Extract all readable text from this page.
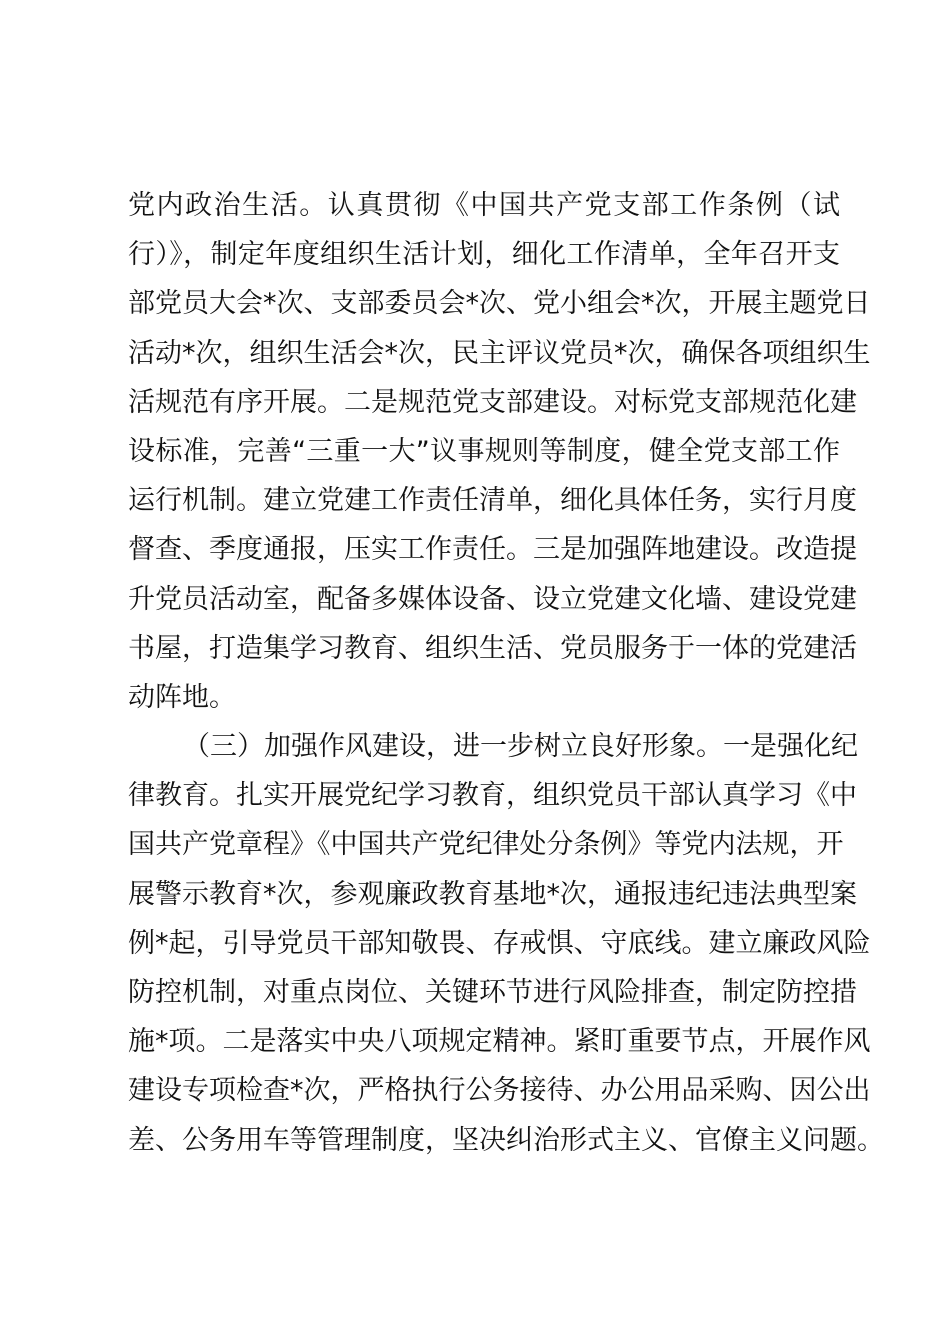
党内政治生活。认真贯彻《中国共产党支部工作条例（试
行）》，制定年度组织生活计划，细化工作清单，全年召开支
部党员大会*次、支部委员会*次、党小组会*次，开展主题党日
活动*次，组织生活会*次，民主评议党员*次，确保各项组织生
活规范有序开展。二是规范党支部建设。对标党支部规范化建
设标准，完善“三重一大”议事规则等制度，健全党支部工作
运行机制。建立党建工作责任清单，细化具体任务，实行月度
督查、季度通报，压实工作责任。三是加强阵地建设。改造提
升党员活动室，配备多媒体设备、设立党建文化墙、建设党建
书屋，打造集学习教育、组织生活、党员服务于一体的党建活
动阵地。
（三）加强作风建设，进一步树立良好形象。一是强化纪
律教育。扎实开展党纪学习教育，组织党员干部认真学习《中
国共产党章程》《中国共产党纪律处分条例》等党内法规，开
展警示教育*次，参观廉政教育基地*次，通报违纪违法典型案
例*起，引导党员干部知敬畏、存戒惧、守底线。建立廉政风险
防控机制，对重点岗位、关键环节进行风险排查，制定防控措
施*项。二是落实中央八项规定精神。紧盯重要节点，开展作风
建设专项检查*次，严格执行公务接待、办公用品采购、因公出
差、公务用车等管理制度，坚决纠治形式主义、官僚主义问题。
